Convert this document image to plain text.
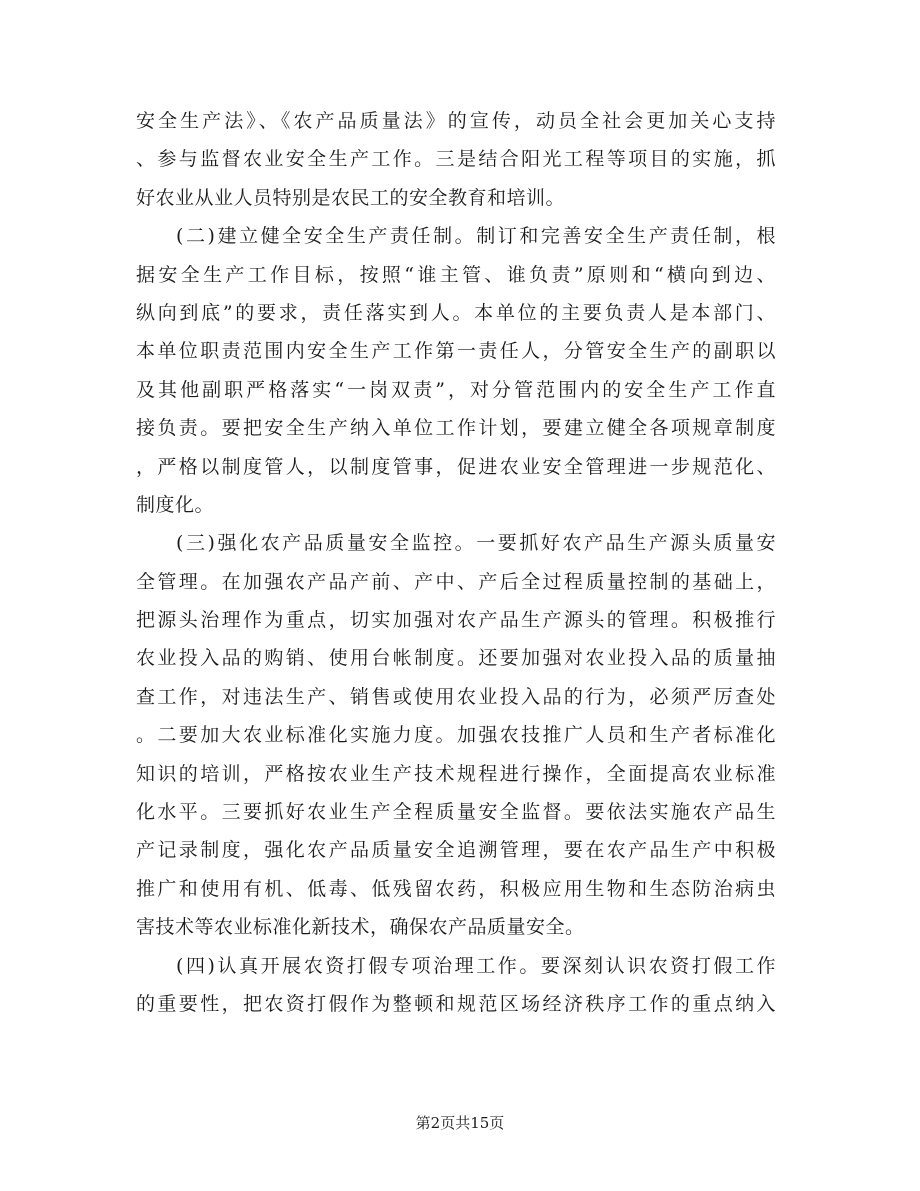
安全生产法》、《农产品质量法》的宣传，动员全社会更加关心支持
、参与监督农业安全生产工作。三是结合阳光工程等项目的实施，抓
好农业从业人员特别是农民工的安全教育和培训。
(二)建立健全安全生产责任制。制订和完善安全生产责任制，根
据安全生产工作目标，按照“谁主管、谁负责”原则和“横向到边、
纵向到底”的要求，责任落实到人。本单位的主要负责人是本部门、
本单位职责范围内安全生产工作第一责任人，分管安全生产的副职以
及其他副职严格落实“一岗双责”，对分管范围内的安全生产工作直
接负责。要把安全生产纳入单位工作计划，要建立健全各项规章制度
，严格以制度管人，以制度管事，促进农业安全管理进一步规范化、
制度化。
(三)强化农产品质量安全监控。一要抓好农产品生产源头质量安
全管理。在加强农产品产前、产中、产后全过程质量控制的基础上，
把源头治理作为重点，切实加强对农产品生产源头的管理。积极推行
农业投入品的购销、使用台帐制度。还要加强对农业投入品的质量抽
查工作，对违法生产、销售或使用农业投入品的行为，必须严厉查处
。二要加大农业标准化实施力度。加强农技推广人员和生产者标准化
知识的培训，严格按农业生产技术规程进行操作，全面提高农业标准
化水平。三要抓好农业生产全程质量安全监督。要依法实施农产品生
产记录制度，强化农产品质量安全追溯管理，要在农产品生产中积极
推广和使用有机、低毒、低残留农药，积极应用生物和生态防治病虫
害技术等农业标准化新技术，确保农产品质量安全。
(四)认真开展农资打假专项治理工作。要深刻认识农资打假工作
的重要性，把农资打假作为整顿和规范区场经济秩序工作的重点纳入
第2页共15页
